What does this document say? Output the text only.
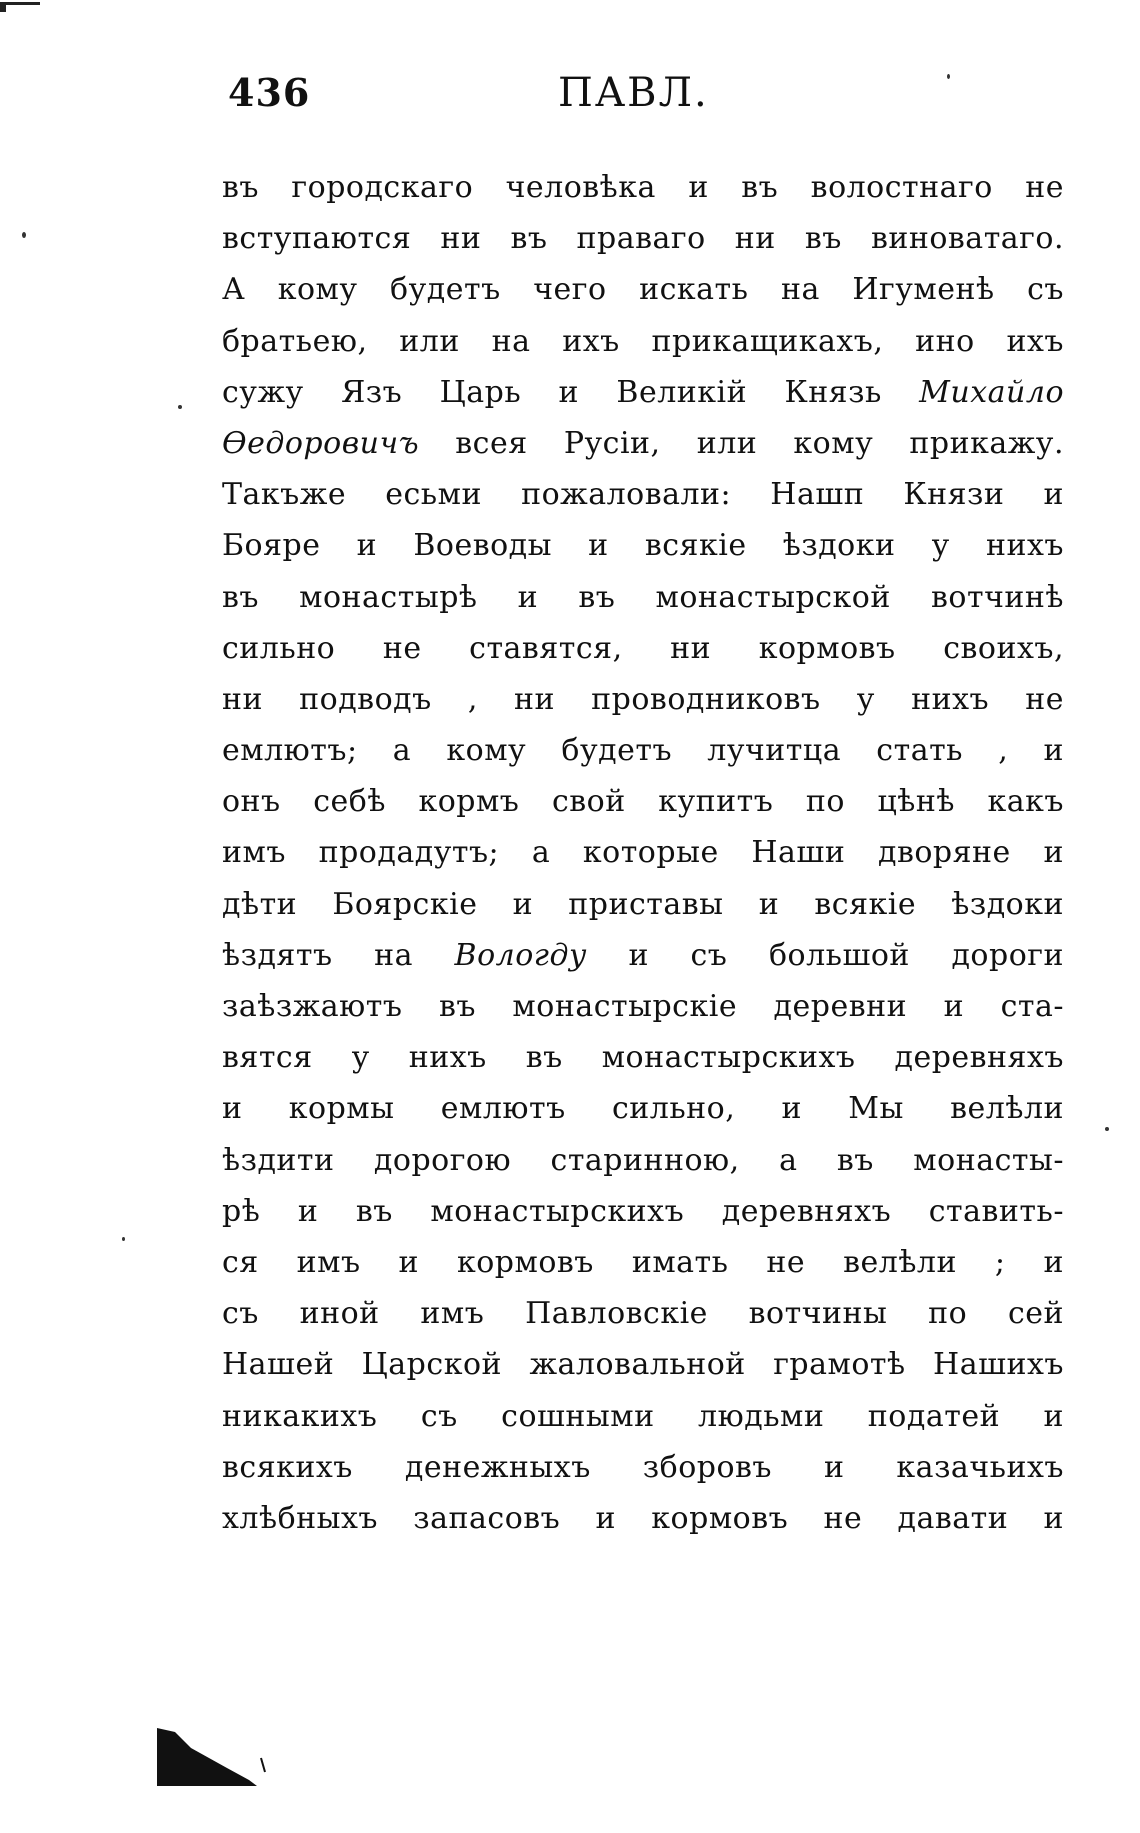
436	ПАВЛ.
въ городскаго человѣка и въ волостнаго не
вступаются ни въ праваго ни въ виноватаго.
А кому будетъ чего искать на Игуменѣ съ
братьею, или на ихъ прикащикахъ, ино ихъ
сужу Язъ Царь и Великій Князь Михайло
Ѳедоровичъ всея Русіи, или кому прикажу.
Такъже есьми пожаловали: Нашп Князи и
Бояре и Воеводы и всякіе ѣздоки у нихъ
въ монастырѣ и въ монастырской вотчинѣ
сильно не ставятся, ни кормовъ своихъ,
ни подводъ , ни проводниковъ у нихъ не
емлютъ; а кому будетъ лучитца стать , и
онъ себѣ кормъ свой купитъ по цѣнѣ какъ
имъ продадутъ; а которые Наши дворяне и
дѣти Боярскіе и приставы и всякіе ѣздоки
ѣздятъ на Вологду и съ большой дороги
заѣзжаютъ въ монастырскіе деревни и ста-
вятся у нихъ въ монастырскихъ деревняхъ
и кормы емлютъ сильно, и Мы велѣли
ѣздити дорогою старинною, а въ монасты-
рѣ и въ монастырскихъ деревняхъ ставить-
ся имъ и кормовъ имать не велѣли ; и
съ иной имъ Павловскіе вотчины по сей
Нашей Царской жаловальной грамотѣ Нашихъ
никакихъ съ сошными людьми податей и
всякихъ денежныхъ зборовъ и казачьихъ
хлѣбныхъ запасовъ и кормовъ не давати и
